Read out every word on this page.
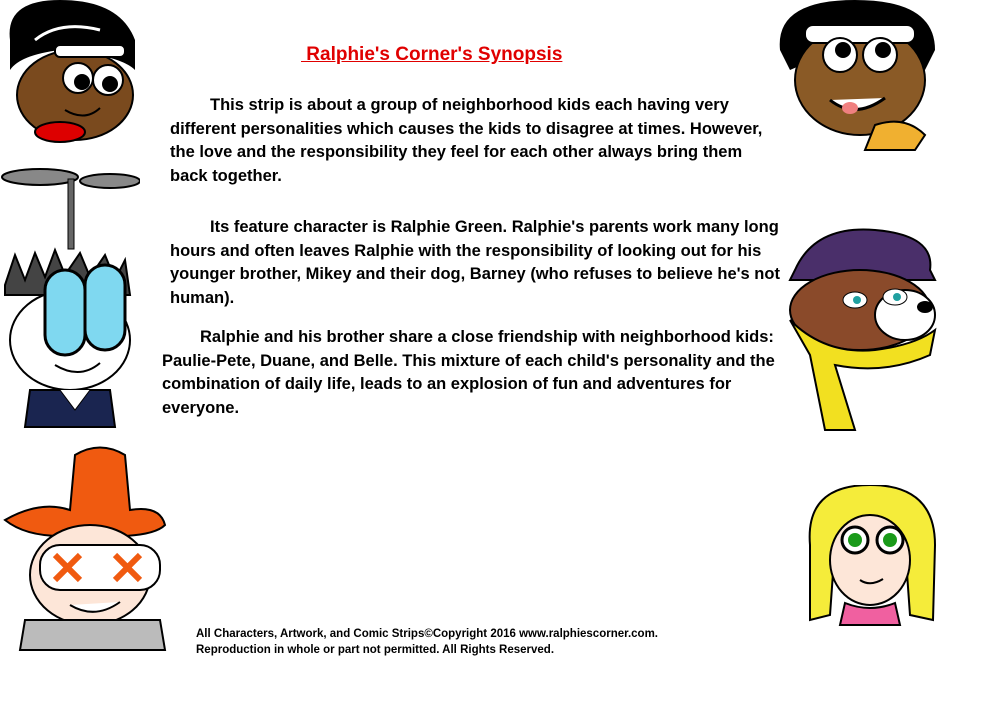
Ralphie's Corner's Synopsis

This strip is about a group of neighborhood kids each having very different personalities which causes the kids to disagree at times. However, the love and the responsibility they feel for each other always bring them back together.

Its feature character is Ralphie Green. Ralphie's parents work many long hours and often leaves Ralphie with the responsibility of looking out for his younger brother, Mikey and their dog, Barney (who refuses to believe he's not human).

Ralphie and his brother share a close friendship with neighborhood kids: Paulie-Pete, Duane, and Belle. This mixture of each child's personality and the combination of daily life, leads to an explosion of fun and adventures for everyone.

All Characters, Artwork, and Comic Strips©Copyright 2016 www.ralphiescorner.com.
Reproduction in whole or part not permitted. All Rights Reserved.
